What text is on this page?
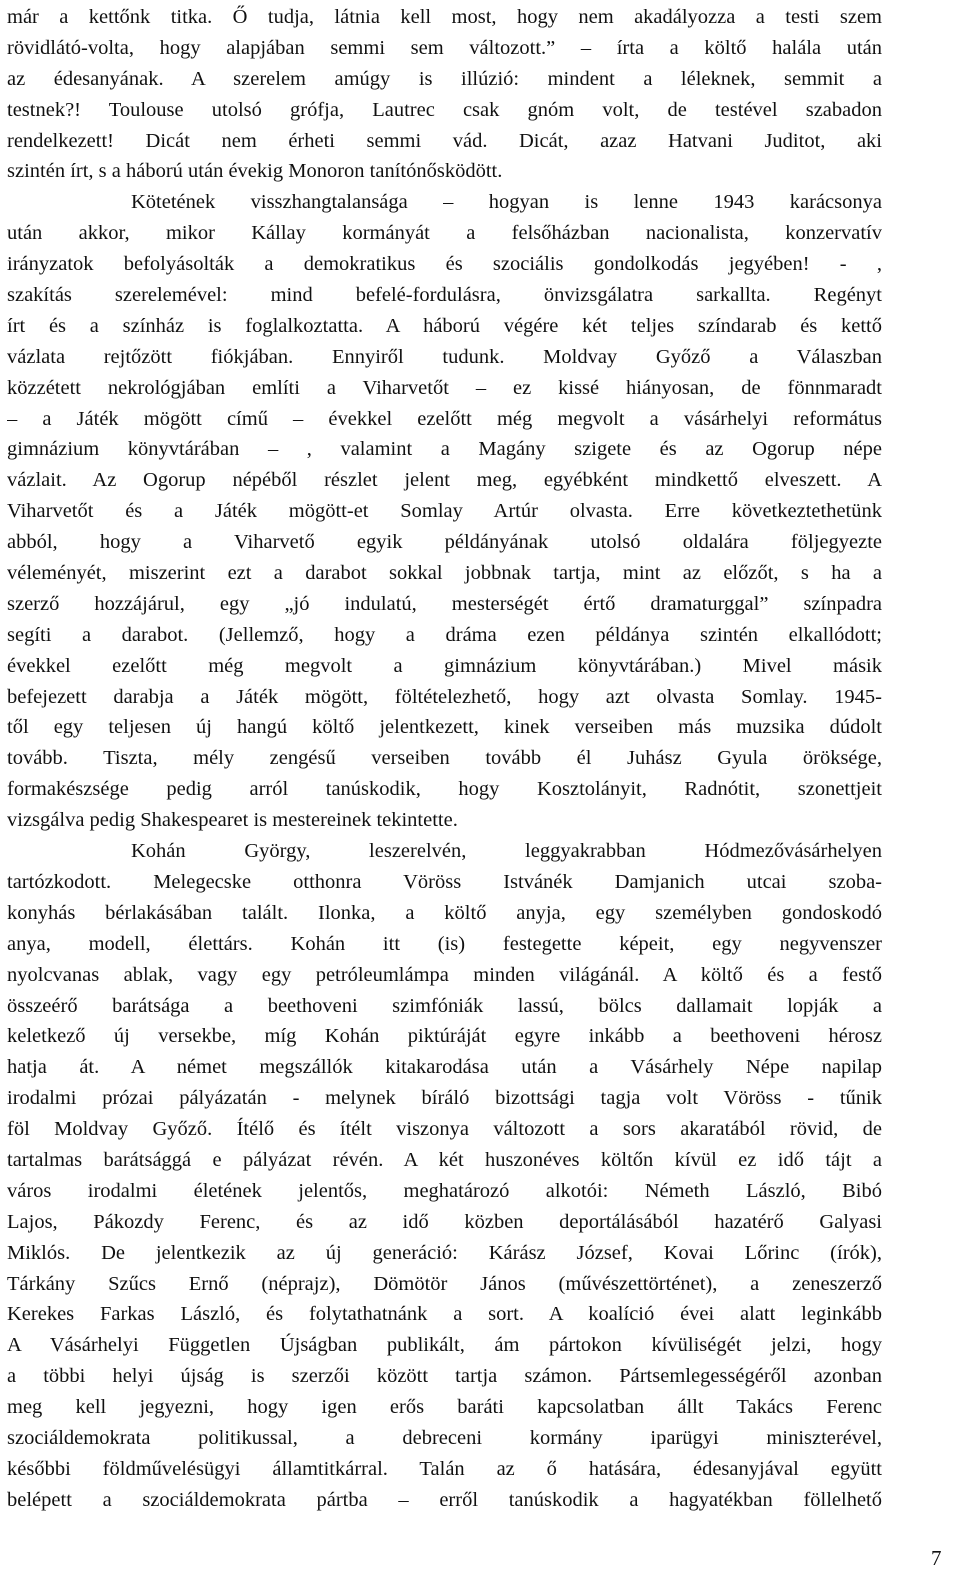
már a kettőnk titka. Ő tudja, látnia kell most, hogy nem akadályozza a testi szem
rövidlátó-volta, hogy alapjában semmi sem változott.” – írta a költő halála után
az édesanyának. A szerelem amúgy is illúzió: mindent a léleknek, semmit a
testnek?! Toulouse utolsó grófja, Lautrec csak gnóm volt, de testével szabadon
rendelkezett! Dicát nem érheti semmi vád. Dicát, azaz Hatvani Juditot, aki
szintén írt, s a háború után évekig Monoron tanítónősködött.
Kötetének visszhangtalansága – hogyan is lenne 1943 karácsonya
után akkor, mikor Kállay kormányát a felsőházban nacionalista, konzervatív
irányzatok befolyásolták a demokratikus és szociális gondolkodás jegyében! - ,
szakítás szerelemével: mind befelé-fordulásra, önvizsgálatra sarkallta. Regényt
írt és a színház is foglalkoztatta. A háború végére két teljes színdarab és kettő
vázlata rejtőzött fiókjában. Ennyiről tudunk. Moldvay Győző a Válaszban
közzétett nekrológjában említi a Viharvetőt – ez kissé hiányosan, de fönnmaradt
– a Játék mögött című – évekkel ezelőtt még megvolt a vásárhelyi református
gimnázium könyvtárában – , valamint a Magány szigete és az Ogorup népe
vázlait. Az Ogorup népéből részlet jelent meg, egyébként mindkettő elveszett. A
Viharvetőt és a Játék mögött-et Somlay Artúr olvasta. Erre következtethetünk
abból, hogy a Viharvető egyik példányának utolsó oldalára följegyezte
véleményét, miszerint ezt a darabot sokkal jobbnak tartja, mint az előzőt, s ha a
szerző hozzájárul, egy „jó indulatú, mesterségét értő dramaturggal” színpadra
segíti a darabot. (Jellemző, hogy a dráma ezen példánya szintén elkallódott;
évekkel ezelőtt még megvolt a gimnázium könyvtárában.) Mivel másik
befejezett darabja a Játék mögött, föltételezhető, hogy azt olvasta Somlay. 1945-
től egy teljesen új hangú költő jelentkezett, kinek verseiben más muzsika dúdolt
tovább. Tiszta, mély zengésű verseiben tovább él Juhász Gyula öröksége,
formakészsége pedig arról tanúskodik, hogy Kosztolányit, Radnótit, szonettjeit
vizsgálva pedig Shakespearet is mestereinek tekintette.
Kohán György, leszerelvén, leggyakrabban Hódmezővásárhelyen
tartózkodott. Melegecske otthonra Vöröss Istvánék Damjanich utcai szoba-
konyhás bérlakásában talált. Ilonka, a költő anyja, egy személyben gondoskodó
anya, modell, élettárs. Kohán itt (is) festegette képeit, egy negyvenszer
nyolcvanas ablak, vagy egy petróleumlámpa minden világánál. A költő és a festő
összeérő barátsága a beethoveni szimfóniák lassú, bölcs dallamait lopják a
keletkező új versekbe, míg Kohán piktúráját egyre inkább a beethoveni hérosz
hatja át. A német megszállók kitakarodása után a Vásárhely Népe napilap
irodalmi prózai pályázatán - melynek bíráló bizottsági tagja volt Vöröss - tűnik
föl Moldvay Győző. Ítélő és ítélt viszonya változott a sors akaratából rövid, de
tartalmas barátsággá e pályázat révén. A két huszonéves költőn kívül ez idő tájt a
város irodalmi életének jelentős, meghatározó alkotói: Németh László, Bibó
Lajos, Pákozdy Ferenc, és az idő közben deportálásából hazatérő Galyasi
Miklós. De jelentkezik az új generáció: Kárász József, Kovai Lőrinc (írók),
Tárkány Szűcs Ernő (néprajz), Dömötör János (művészettörténet), a zeneszerző
Kerekes Farkas László, és folytathatnánk a sort. A koalíció évei alatt leginkább
A Vásárhelyi Független Újságban publikált, ám pártokon kívüliségét jelzi, hogy
a többi helyi újság is szerzői között tartja számon. Pártsemlegességéről azonban
meg kell jegyezni, hogy igen erős baráti kapcsolatban állt Takács Ferenc
szociáldemokrata politikussal, a debreceni kormány iparügyi miniszterével,
későbbi földművelésügyi államtitkárral. Talán az ő hatására, édesanyjával együtt
belépett a szociáldemokrata pártba – erről tanúskodik a hagyatékban föllelhető
7
